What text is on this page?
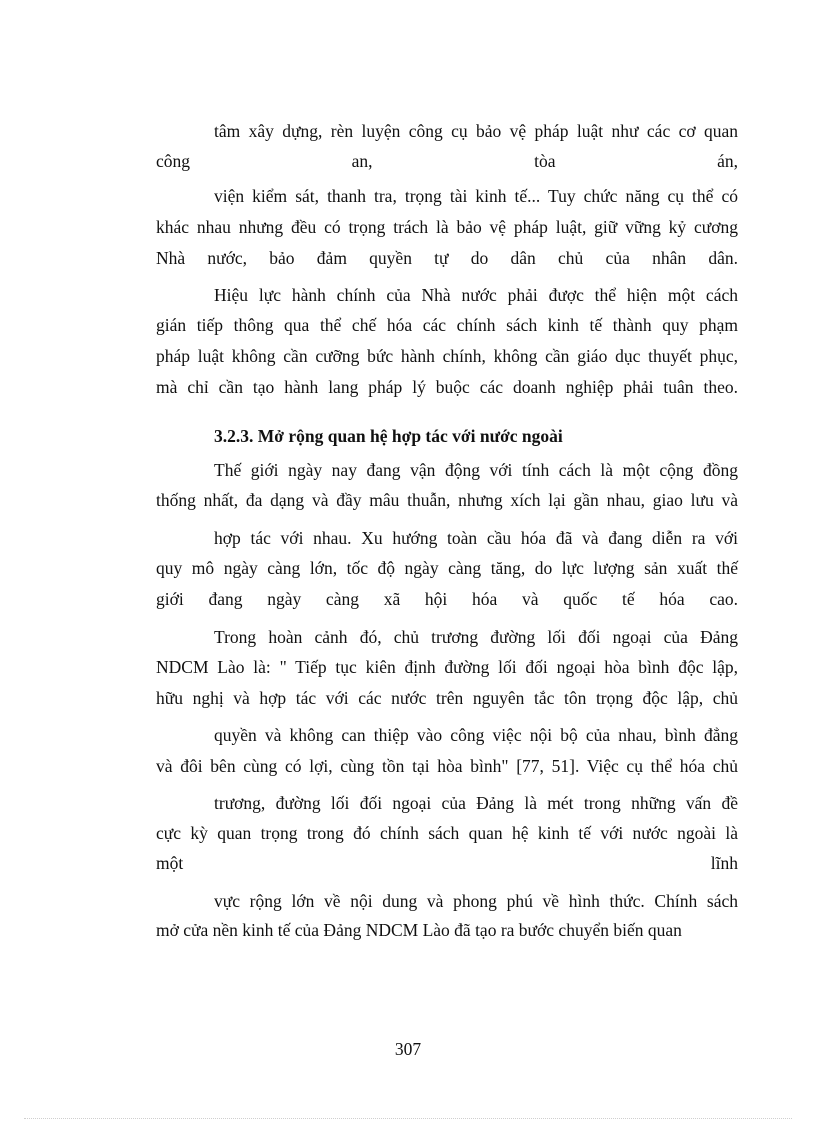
tâm xây dựng, rèn luyện công cụ bảo vệ pháp luật như các cơ quan
công an, tòa án,
viện kiểm sát, thanh tra, trọng tài kinh tế... Tuy chức năng cụ thể có
khác nhau nhưng đều có trọng trách là bảo vệ pháp luật, giữ vững kỷ cương
Nhà nước, bảo đảm quyền tự do dân chủ của nhân dân.
Hiệu lực hành chính của Nhà nước phải được thể hiện một cách
gián tiếp thông qua thể chế hóa các chính sách kinh tế thành quy phạm
pháp luật không cần cưỡng bức hành chính, không cần giáo dục thuyết phục,
mà chỉ cần tạo hành lang pháp lý buộc các doanh nghiệp phải tuân theo.
3.2.3. Mở rộng quan hệ hợp tác với nước ngoài
Thế giới ngày nay đang vận động với tính cách là một cộng đồng
thống nhất, đa dạng và đầy mâu thuẫn, nhưng xích lại gần nhau, giao lưu và
hợp tác với nhau. Xu hướng toàn cầu hóa đã và đang diễn ra với
quy mô ngày càng lớn, tốc độ ngày càng tăng, do lực lượng sản xuất thế
giới đang ngày càng xã hội hóa và quốc tế hóa cao.
Trong hoàn cảnh đó, chủ trương đường lối đối ngoại của Đảng
NDCM Lào là: " Tiếp tục kiên định đường lối đối ngoại hòa bình độc lập,
hữu nghị và hợp tác với các nước trên nguyên tắc tôn trọng độc lập, chủ
quyền và không can thiệp vào công việc nội bộ của nhau, bình đẳng
và đôi bên cùng có lợi, cùng tồn tại hòa bình" [77, 51]. Việc cụ thể hóa chủ
trương, đường lối đối ngoại của Đảng là mét trong những vấn đề
cực kỳ quan trọng trong đó chính sách quan hệ kinh tế với nước ngoài là
một lĩnh
vực rộng lớn về nội dung và phong phú về hình thức. Chính sách
mở cửa nền kinh tế của Đảng NDCM Lào đã tạo ra bước chuyển biến quan
307
